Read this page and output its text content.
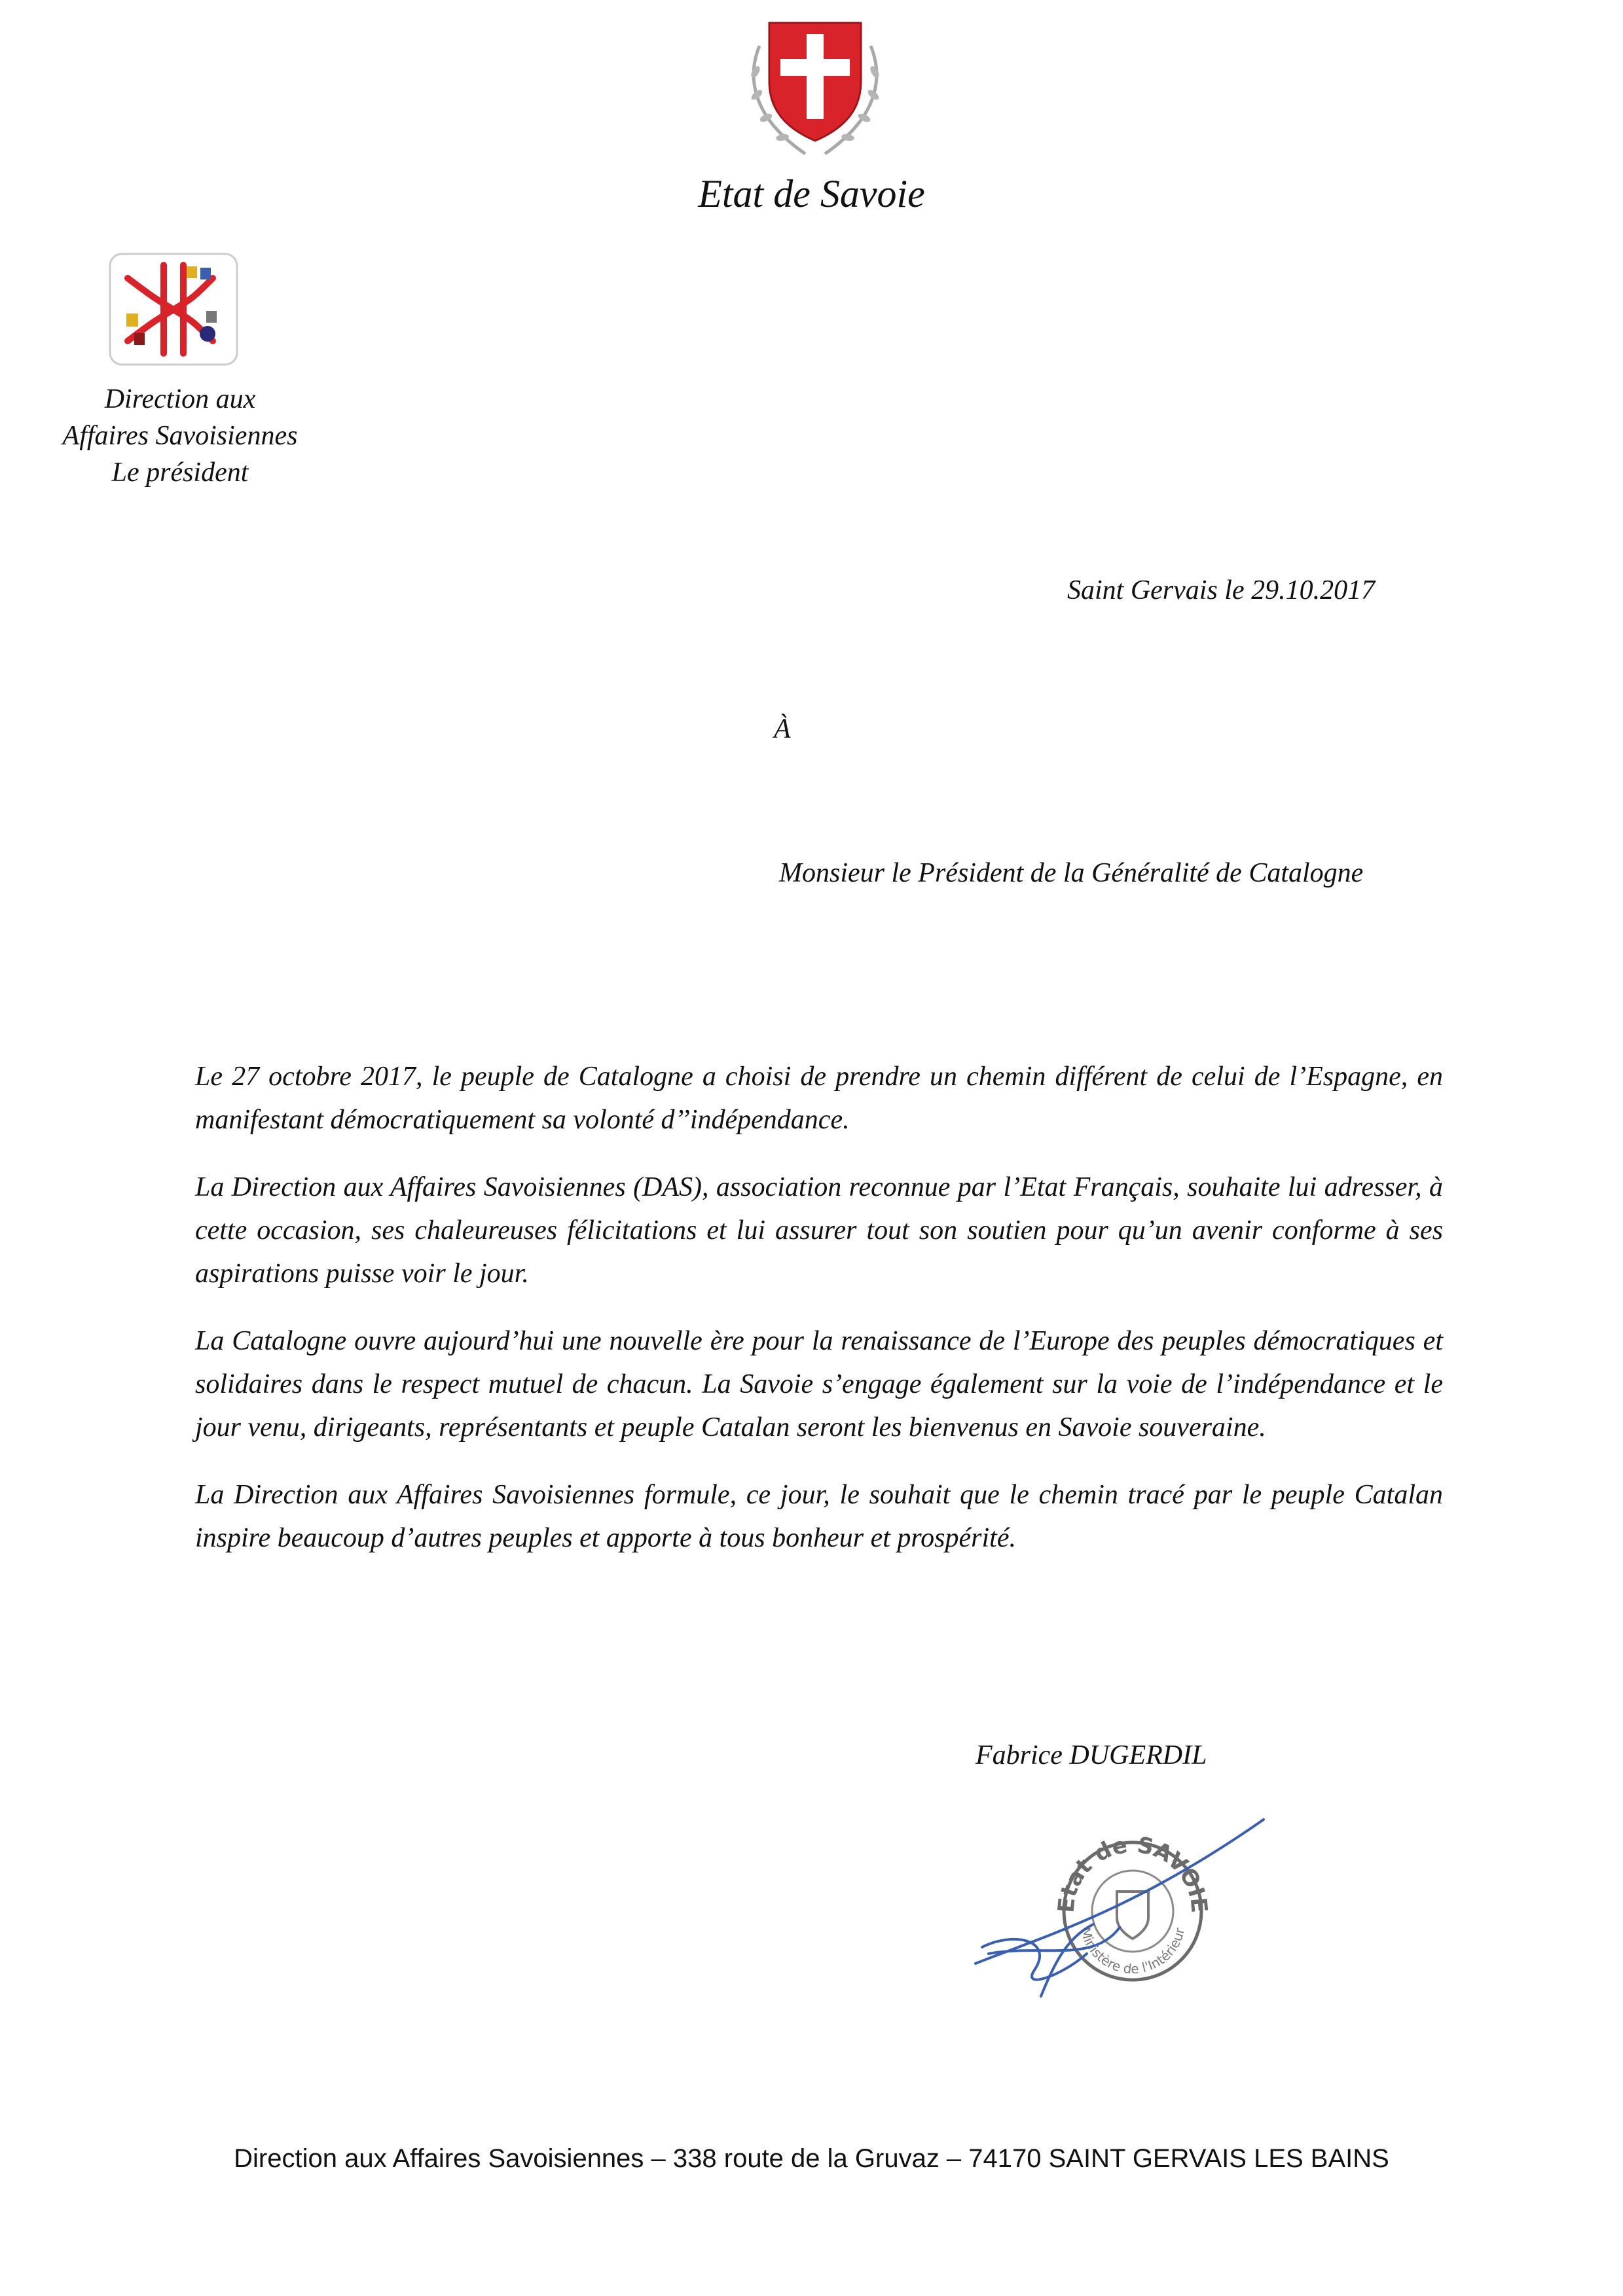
Etat de Savoie
Direction aux
Affaires Savoisiennes
Le président
Saint Gervais le 29.10.2017
À
Monsieur le Président de la Généralité de Catalogne

Le 27 octobre 2017, le peuple de Catalogne a choisi de prendre un chemin différent de celui de l’Espagne, en manifestant démocratiquement sa volonté d’’indépendance.

La Direction aux Affaires Savoisiennes (DAS), association reconnue par l’Etat Français, souhaite lui adresser, à cette occasion, ses chaleureuses félicitations et lui assurer tout son soutien pour qu’un avenir conforme à ses aspirations puisse voir le jour.

La Catalogne ouvre aujourd’hui une nouvelle ère pour la renaissance de l’Europe des peuples démocratiques et solidaires dans le respect mutuel de chacun. La Savoie s’engage également sur la voie de l’indépendance et le jour venu, dirigeants, représentants et peuple Catalan seront les bienvenus en Savoie souveraine.

La Direction aux Affaires Savoisiennes formule, ce jour, le souhait que le chemin tracé par le peuple Catalan inspire beaucoup d’autres peuples et apporte à tous bonheur et prospérité.

Fabrice DUGERDIL
Etat de SAVOIE
Ministère de l'Intérieur
Direction aux Affaires Savoisiennes – 338 route de la Gruvaz – 74170 SAINT GERVAIS LES BAINS
